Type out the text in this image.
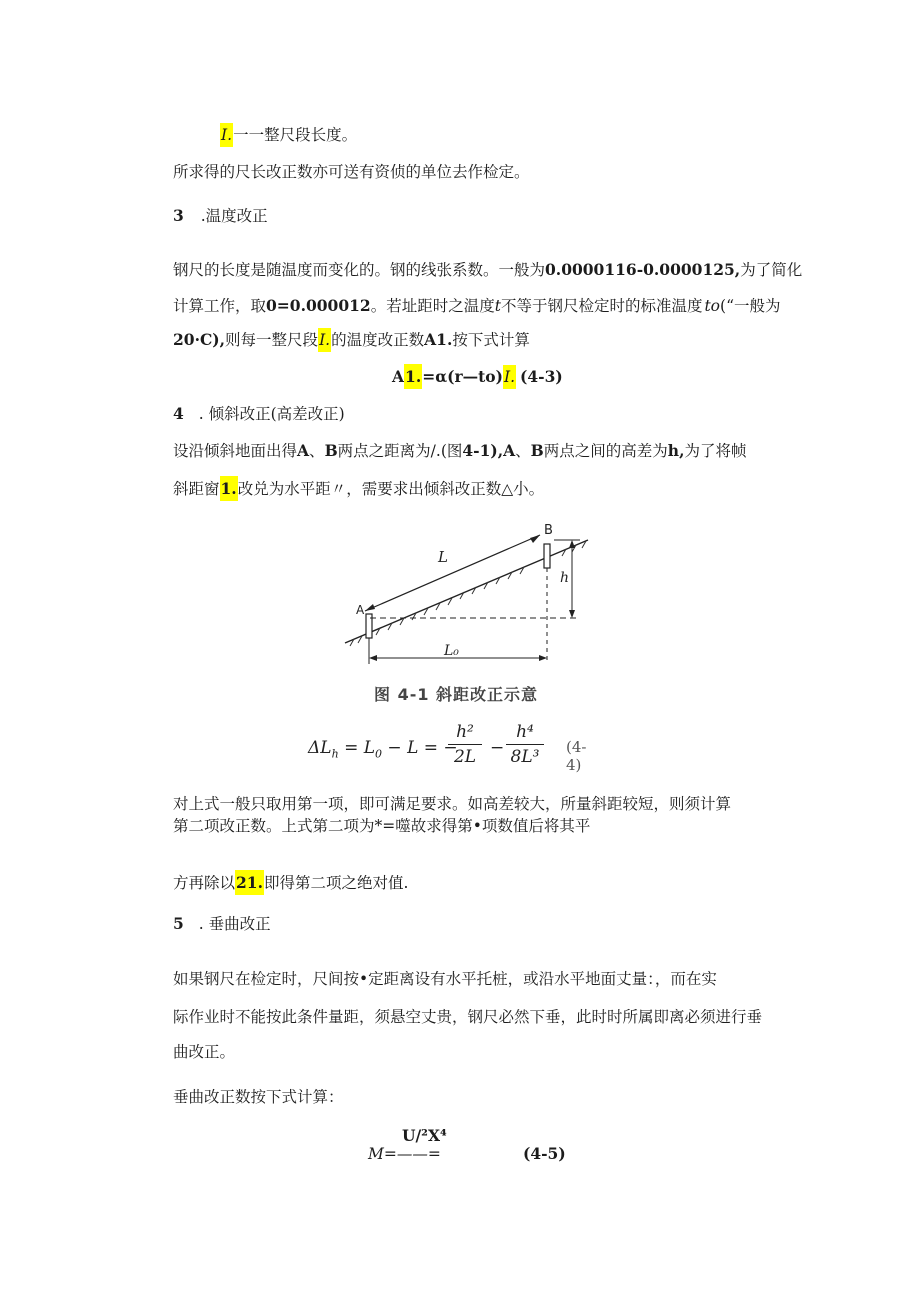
I.一一整尺段长度。
所求得的尺长改正数亦可送有资侦的单位去作检定。
3 .温度改正
钢尺的长度是随温度而变化的。钢的线张系数。一般为0.0000116-0.0000125,为了简化
计算工作，取0=0.000012。若址距时之温度t不等于钢尺检定时的标准温度 to(“一般为
20·C),则每一整尺段I.的温度改正数A1.按下式计算
A1.=α(r—to)I. (4-3)
4 . 倾斜改正(高差改正)
设沿倾斜地面出得A、B两点之距离为/.(图4-1),A、B两点之间的高差为h,为了将帧
斜距窗1.改兑为水平距〃，需要求出倾斜改正数△小。
L
B
A
h
L₀
图 4-1 斜距改正示意
$\Delta L_h = L_0 - L$ = −
$\frac{\text{h²}}{2L} - \frac{\text{h⁴}}{\text{8L³}} (4-4)$
对上式一般只取用第一项，即可满足要求。如高差较大，所量斜距较短，则须计算
第二项改正数。上式第二项为*=噬故求得第•项数值后将其平
方再除以21.即得第二项之绝对值.
5 . 垂曲改正
如果钢尺在检定时，尺间按•定距离设有水平托桩，或沿水平地面丈量：，而在实
际作业时不能按此条件量距，须悬空丈贵，钢尺必然下垂，此时时所属即离必须进行垂
曲改正。
垂曲改正数按下式计算：
U/²X⁴
M=——=	(4-5)
